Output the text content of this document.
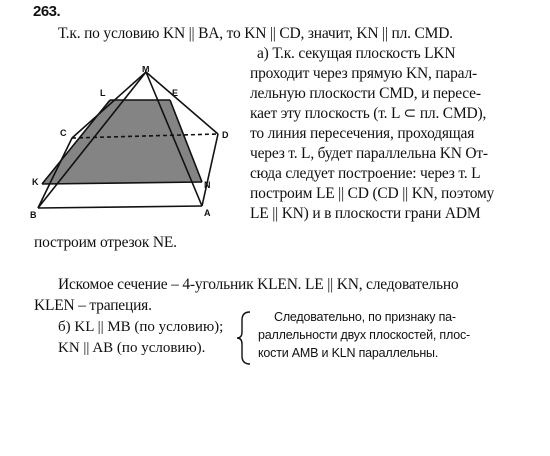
263.
Т.к. по условию KN || BA, то KN || CD, значит, KN || пл. CMD.
M
L	E
C	D
K	N
B	A
а) Т.к. секущая плоскость LKN
проходит через прямую KN, парал-
лельную плоскости CMD, и пересе-
кает эту плоскость (т. L ⊂ пл. CMD),
то линия пересечения, проходящая
через т. L, будет параллельна KN От-
сюда следует построение: через т. L
построим LE || CD (CD || KN, поэтому
LE || KN) и в плоскости грани ADM
построим отрезок NE.
Искомое сечение – 4-угольник KLEN. LE || KN, следовательно
KLEN – трапеция.
б) KL || MB (по условию);
KN || AB (по условию).
Следовательно, по признаку па-
раллельности двух плоскостей, плос-
кости AMB и KLN параллельны.
